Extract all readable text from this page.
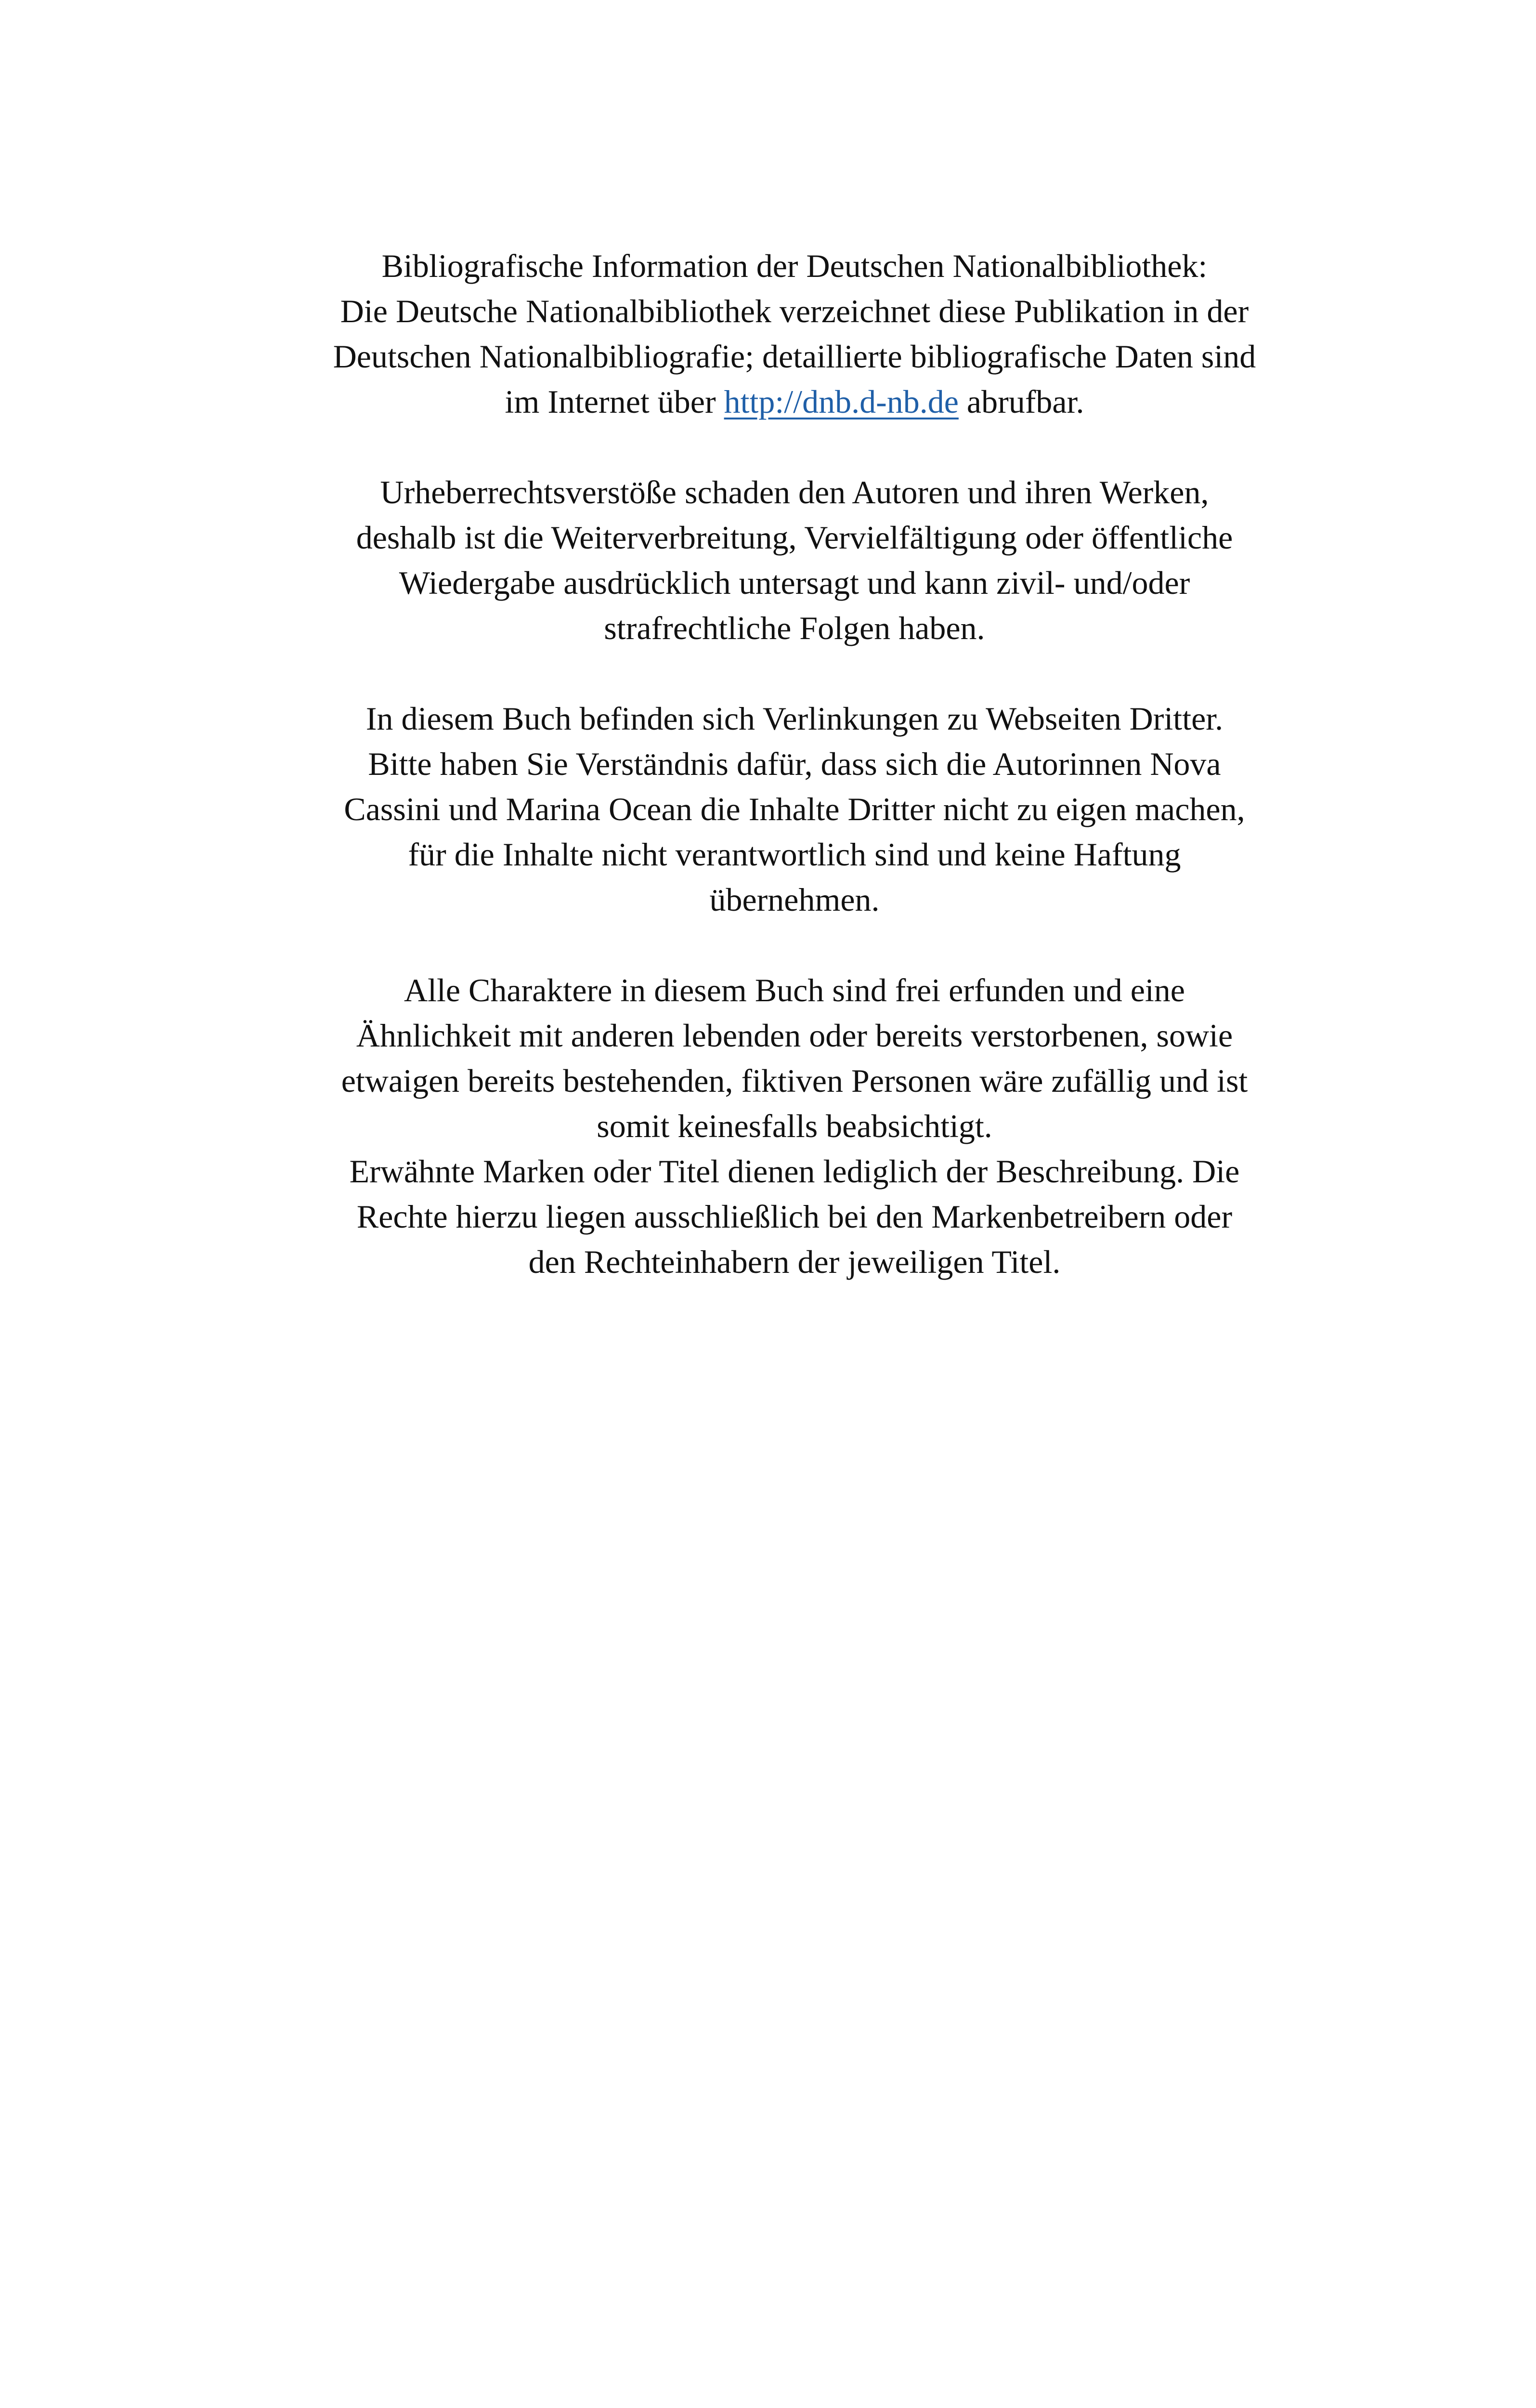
Bibliografische Information der Deutschen Nationalbibliothek:
Die Deutsche Nationalbibliothek verzeichnet diese Publikation in der
Deutschen Nationalbibliografie; detaillierte bibliografische Daten sind
im Internet über http://dnb.d-nb.de abrufbar.
Urheberrechtsverstöße schaden den Autoren und ihren Werken,
deshalb ist die Weiterverbreitung, Vervielfältigung oder öffentliche
Wiedergabe ausdrücklich untersagt und kann zivil- und/oder
strafrechtliche Folgen haben.
In diesem Buch befinden sich Verlinkungen zu Webseiten Dritter.
Bitte haben Sie Verständnis dafür, dass sich die Autorinnen Nova
Cassini und Marina Ocean die Inhalte Dritter nicht zu eigen machen,
für die Inhalte nicht verantwortlich sind und keine Haftung
übernehmen.
Alle Charaktere in diesem Buch sind frei erfunden und eine
Ähnlichkeit mit anderen lebenden oder bereits verstorbenen, sowie
etwaigen bereits bestehenden, fiktiven Personen wäre zufällig und ist
somit keinesfalls beabsichtigt.
Erwähnte Marken oder Titel dienen lediglich der Beschreibung. Die
Rechte hierzu liegen ausschließlich bei den Markenbetreibern oder
den Rechteinhabern der jeweiligen Titel.
